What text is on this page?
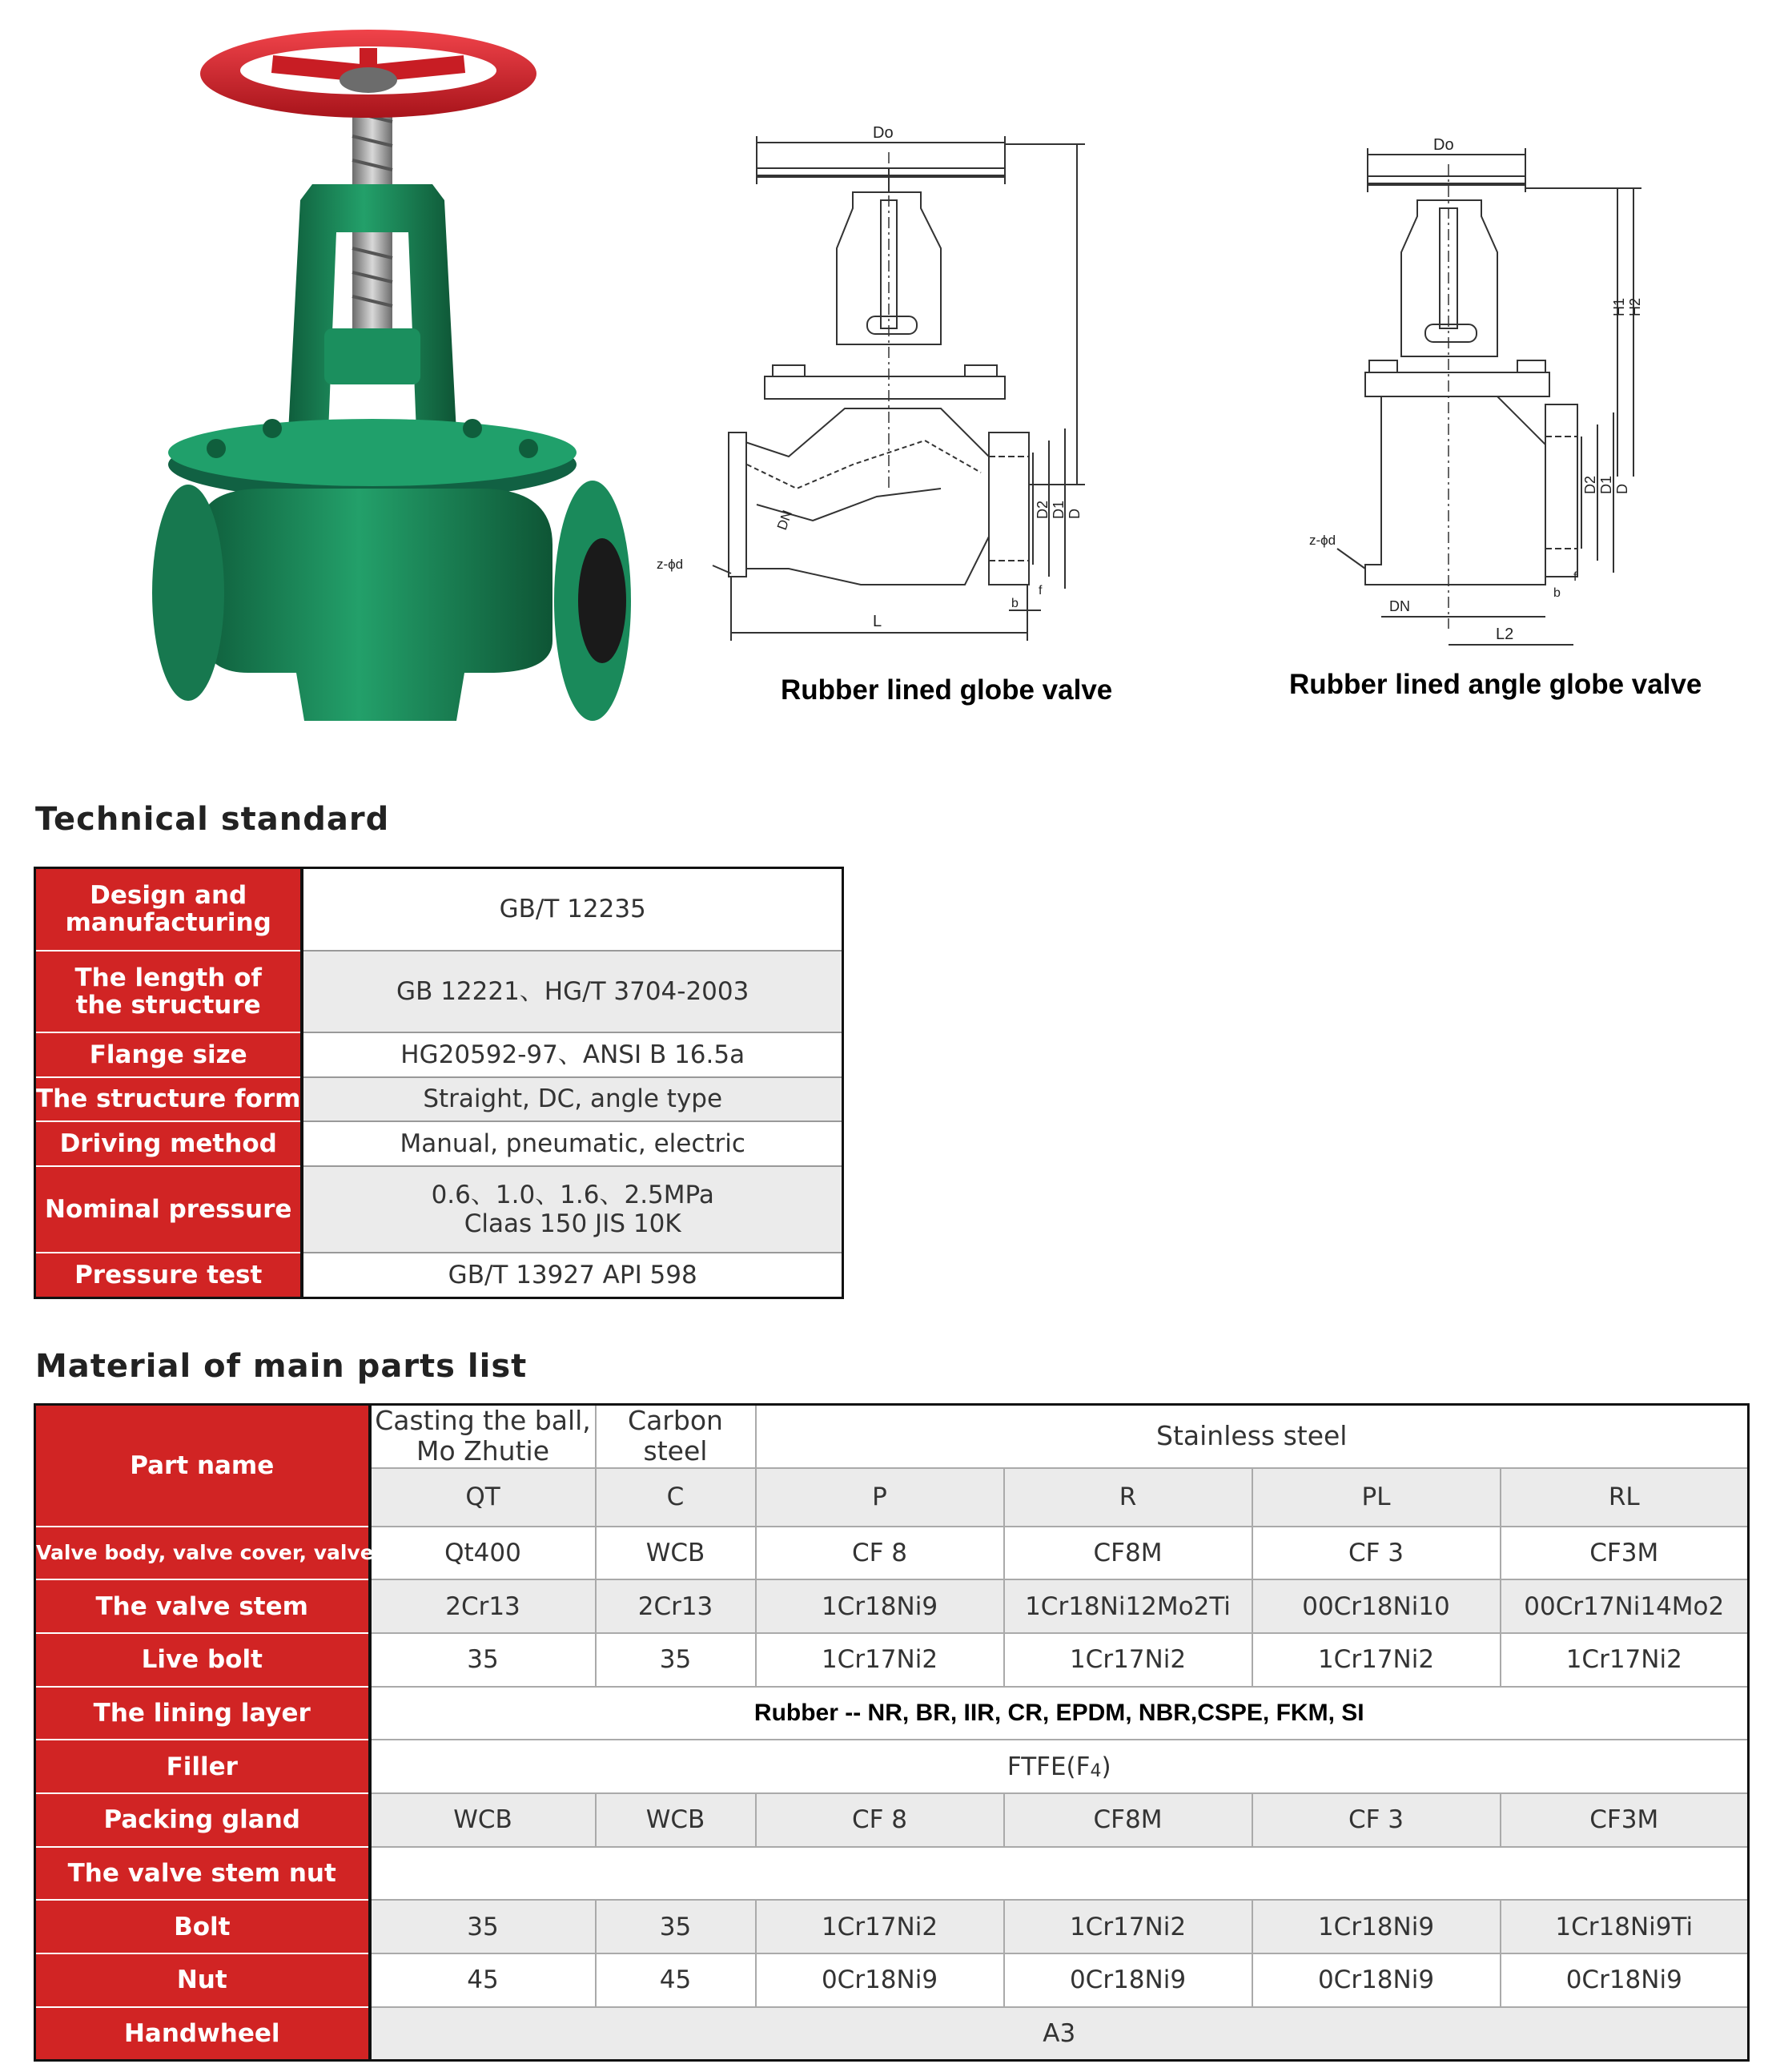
Do
D2 D1 D
L
b
f
z-ϕd
DN
Do
H1 H2
D2 D1 D
DN
L2
b
f
z-ϕd
Rubber lined globe valve	Rubber lined angle globe valve
Technical standard
Design and manufacturing	GB/T 12235

The length of the structure	GB 12221、HG/T 3704-2003
Flange size	HG20592-97、ANSI B 16.5a
The structure form	Straight, DC, angle type
Driving method	Manual, pneumatic, electric
Nominal pressure	0.6、1.0、1.6、2.5MPa
Claas 150 JIS 10K

Pressure test	GB/T 13927 API 598
Material of main parts list
Part name	Casting the ball, Mo Zhutie	Carbon steel	Stainless steel			
	QT	C	P	R	PL	RL
Valve body, valve cover, valve	Qt400	WCB	CF 8	CF8M	CF 3	CF3M
The valve stem	2Cr13	2Cr13	1Cr18Ni9	1Cr18Ni12Mo2Ti	00Cr18Ni10	00Cr17Ni14Mo2
Live bolt	35	35	1Cr17Ni2	1Cr17Ni2	1Cr17Ni2	1Cr17Ni2
The lining layer	Rubber -- NR, BR, IIR, CR, EPDM, NBR,CSPE, FKM, SI					
Filler	$FTFE(F_4)$					
Packing gland	WCB	WCB	CF 8	CF8M	CF 3	CF3M
The valve stem nut						
Bolt	35	35	1Cr17Ni2	1Cr17Ni2	1Cr18Ni9	1Cr18Ni9Ti
Nut	45	45	0Cr18Ni9	0Cr18Ni9	0Cr18Ni9	0Cr18Ni9
Handwheel	A3					
